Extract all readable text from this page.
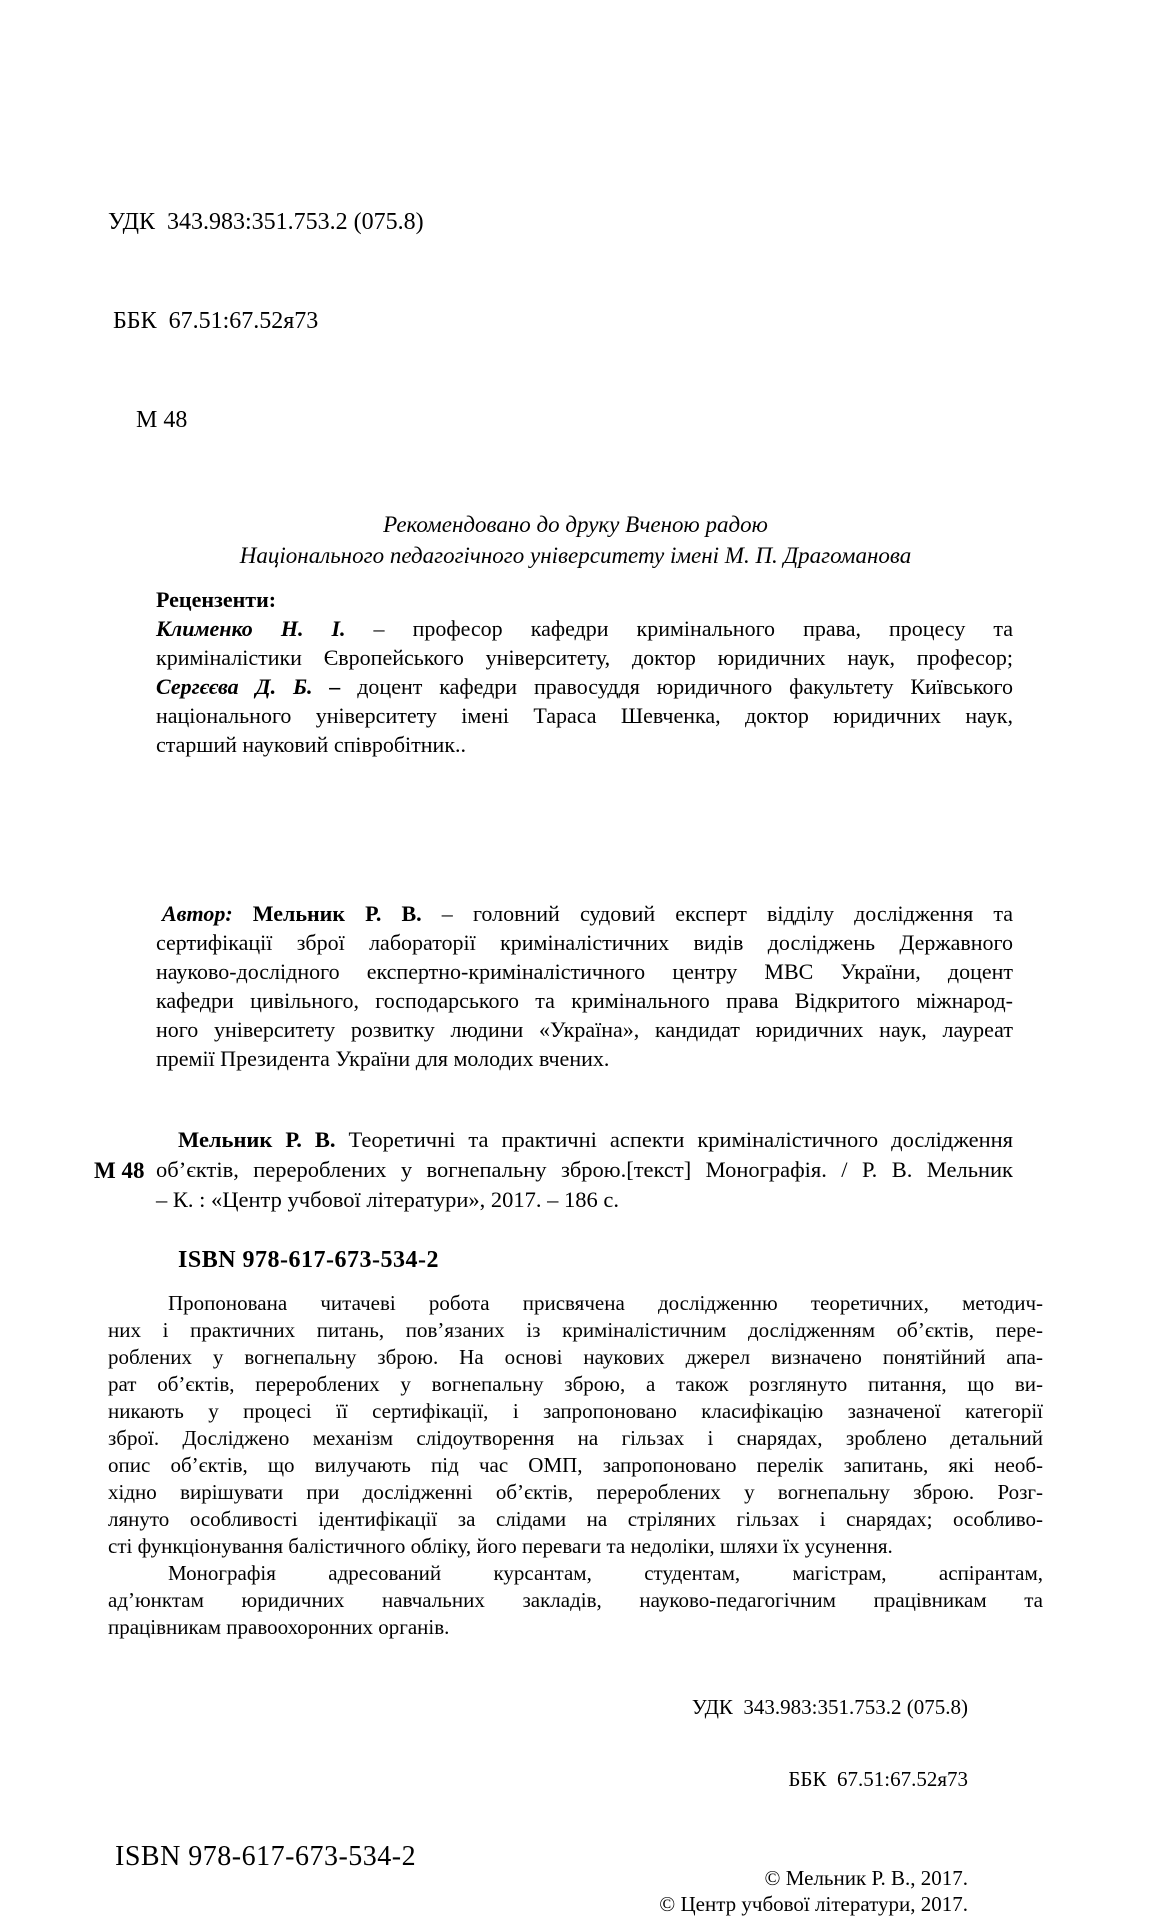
УДК  343.983:351.753.2 (075.8)

ББК  67.51:67.52я73

М 48

Рекомендовано до друку Вченою радою
Національного педагогічного університету імені М. П. Драгоманова
Рецензенти:
Клименко Н. І. – професор кафедри кримінального права, процесу та
криміналістики Європейського університету, доктор юридичних наук, професор;
Сергєєва Д. Б. – доцент кафедри правосуддя юридичного факультету Київського
національного університету імені Тараса Шевченка, доктор юридичних наук,
старший науковий співробітник..
Автор: Мельник Р. В. – головний судовий експерт відділу дослідження та
сертифікації зброї лабораторії криміналістичних видів досліджень Державного
науково-дослідного експертно-криміналістичного центру МВС України, доцент
кафедри цивільного, господарського та кримінального права Відкритого міжнарод-
ного університету розвитку людини «Україна», кандидат юридичних наук, лауреат
премії Президента України для молодих вчених.
М 48
Мельник Р. В. Теоретичні та практичні аспекти криміналістичного дослідження
об’єктів, перероблених у вогнепальну зброю.[текст] Монографія. / Р. В. Мельник
– К. : «Центр учбової літератури», 2017. – 186 с.
ISBN 978-617-673-534-2
Пропонована читачеві робота присвячена дослідженню теоретичних, методич-
них і практичних питань, пов’язаних із криміналістичним дослідженням об’єктів, пере-
роблених у вогнепальну зброю. На основі наукових джерел визначено понятійний апа-
рат об’єктів, перероблених у вогнепальну зброю, а також розглянуто питання, що ви-
никають у процесі її сертифікації, і запропоновано класифікацію зазначеної категорії
зброї. Досліджено механізм слідоутворення на гільзах і снарядах, зроблено детальний
опис об’єктів, що вилучають під час ОМП, запропоновано перелік запитань, які необ-
хідно вирішувати при дослідженні об’єктів, перероблених у вогнепальну зброю. Розг-
лянуто особливості ідентифікації за слідами на стріляних гільзах і снарядах; особливо-
сті функціонування балістичного обліку, його переваги та недоліки, шляхи їх усунення.
Монографія адресований курсантам, студентам, магістрам, аспірантам,
ад’юнктам юридичних навчальних закладів, науково-педагогічним працівникам та
працівникам правоохоронних органів.

УДК  343.983:351.753.2 (075.8)

ББК  67.51:67.52я73

ISBN 978-617-673-534-2
© Мельник Р. В., 2017.
© Центр учбової літератури, 2017.
